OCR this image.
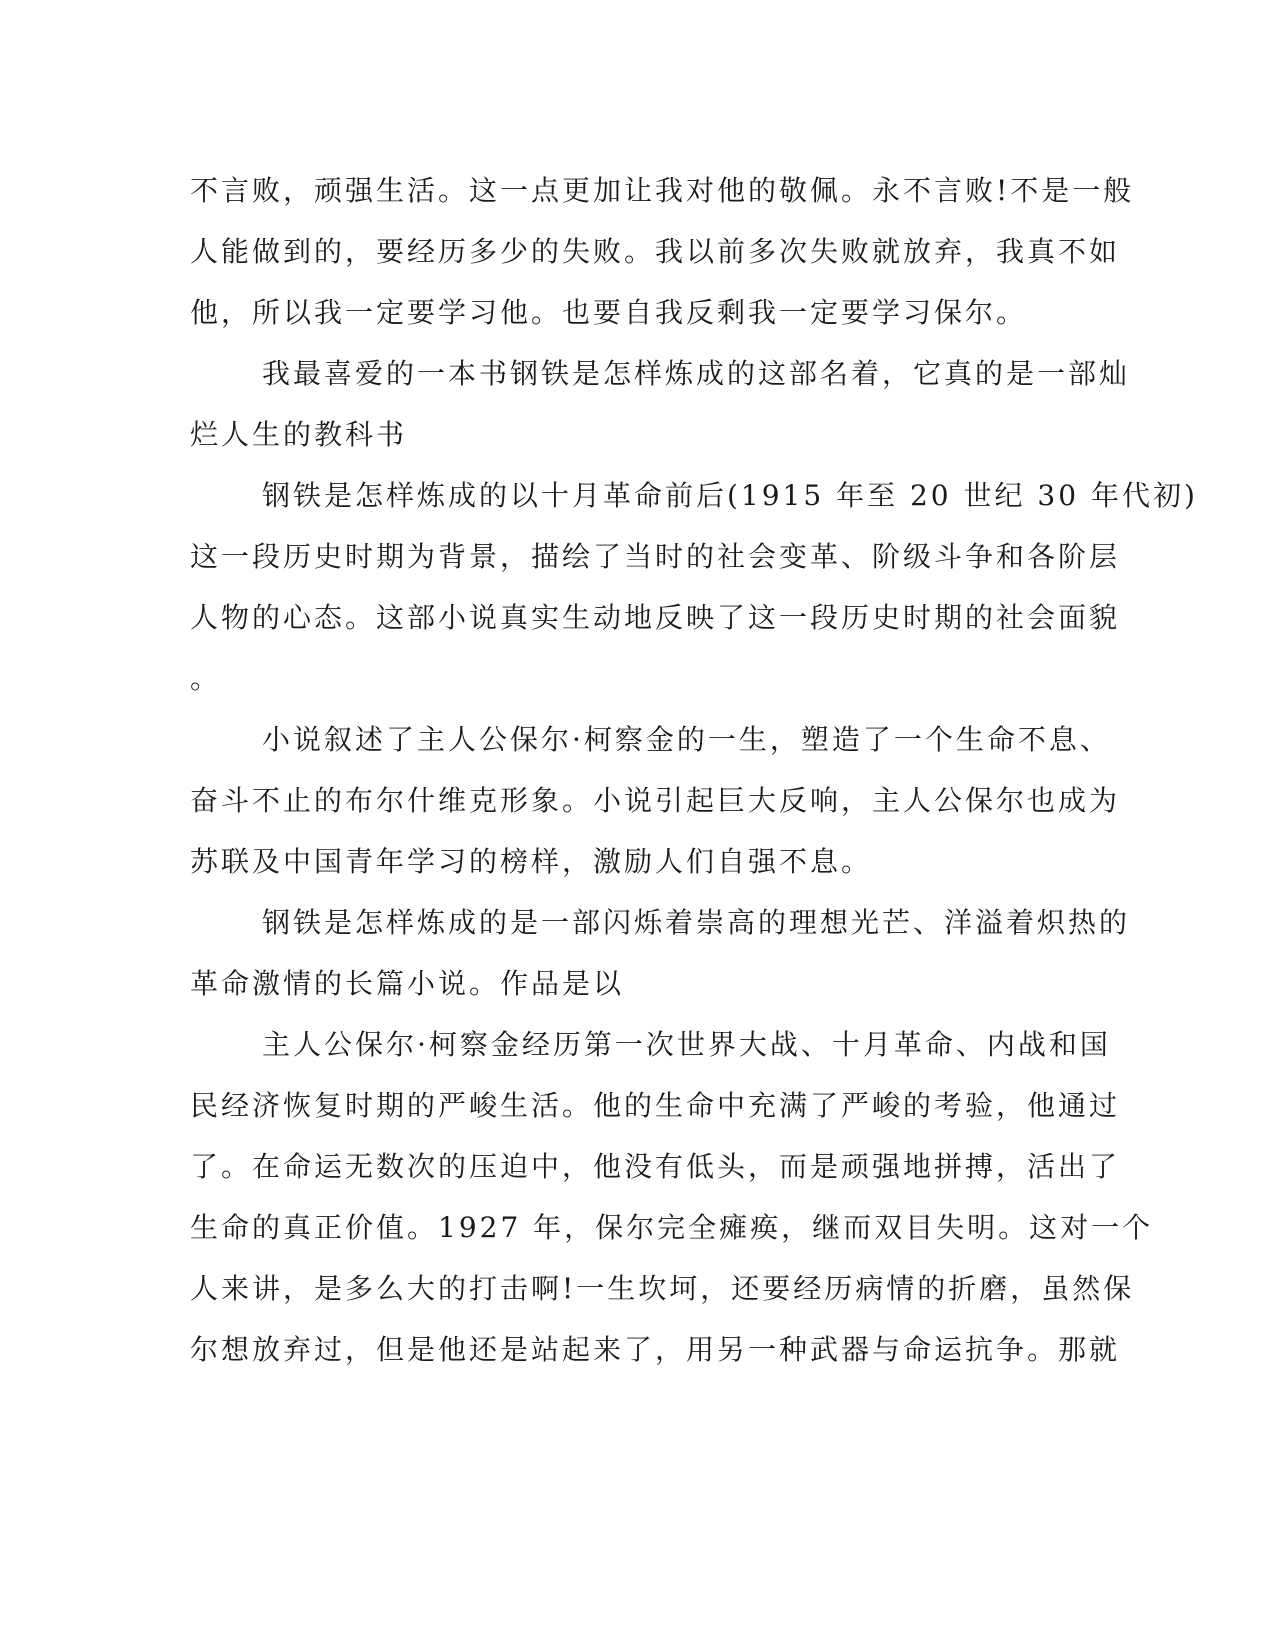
不言败，顽强生活。这一点更加让我对他的敬佩。永不言败!不是一般
人能做到的，要经历多少的失败。我以前多次失败就放弃，我真不如
他，所以我一定要学习他。也要自我反剩我一定要学习保尔。
我最喜爱的一本书钢铁是怎样炼成的这部名着，它真的是一部灿
烂人生的教科书
钢铁是怎样炼成的以十月革命前后(1915 年至 20 世纪 30 年代初)
这一段历史时期为背景，描绘了当时的社会变革、阶级斗争和各阶层
人物的心态。这部小说真实生动地反映了这一段历史时期的社会面貌
。
小说叙述了主人公保尔·柯察金的一生，塑造了一个生命不息、
奋斗不止的布尔什维克形象。小说引起巨大反响，主人公保尔也成为
苏联及中国青年学习的榜样，激励人们自强不息。
钢铁是怎样炼成的是一部闪烁着崇高的理想光芒、洋溢着炽热的
革命激情的长篇小说。作品是以
主人公保尔·柯察金经历第一次世界大战、十月革命、内战和国
民经济恢复时期的严峻生活。他的生命中充满了严峻的考验，他通过
了。在命运无数次的压迫中，他没有低头，而是顽强地拼搏，活出了
生命的真正价值。1927 年，保尔完全瘫痪，继而双目失明。这对一个
人来讲，是多么大的打击啊!一生坎坷，还要经历病情的折磨，虽然保
尔想放弃过，但是他还是站起来了，用另一种武器与命运抗争。那就
